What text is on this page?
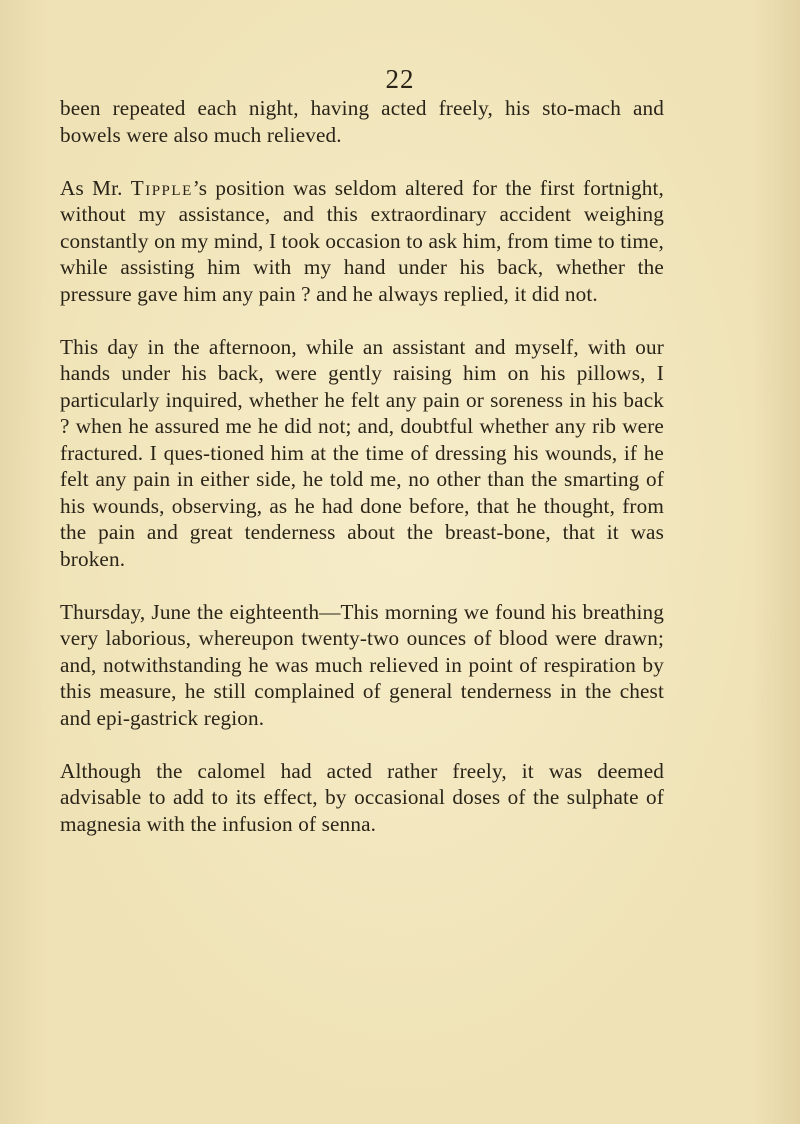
22

been repeated each night, having acted freely, his sto-mach and bowels were also much relieved.

As Mr. Tipple’s position was seldom altered for the first fortnight, without my assistance, and this extraordinary accident weighing constantly on my mind, I took occasion to ask him, from time to time, while assisting him with my hand under his back, whether the pressure gave him any pain ? and he always replied, it did not.

This day in the afternoon, while an assistant and myself, with our hands under his back, were gently raising him on his pillows, I particularly inquired, whether he felt any pain or soreness in his back ? when he assured me he did not; and, doubtful whether any rib were fractured. I ques-tioned him at the time of dressing his wounds, if he felt any pain in either side, he told me, no other than the smarting of his wounds, observing, as he had done before, that he thought, from the pain and great tenderness about the breast-bone, that it was broken.

Thursday, June the eighteenth—This morning we found his breathing very laborious, whereupon twenty-two ounces of blood were drawn; and, notwithstanding he was much relieved in point of respiration by this measure, he still complained of general tenderness in the chest and epi-gastrick region.

Although the calomel had acted rather freely, it was deemed advisable to add to its effect, by occasional doses of the sulphate of magnesia with the infusion of senna.
